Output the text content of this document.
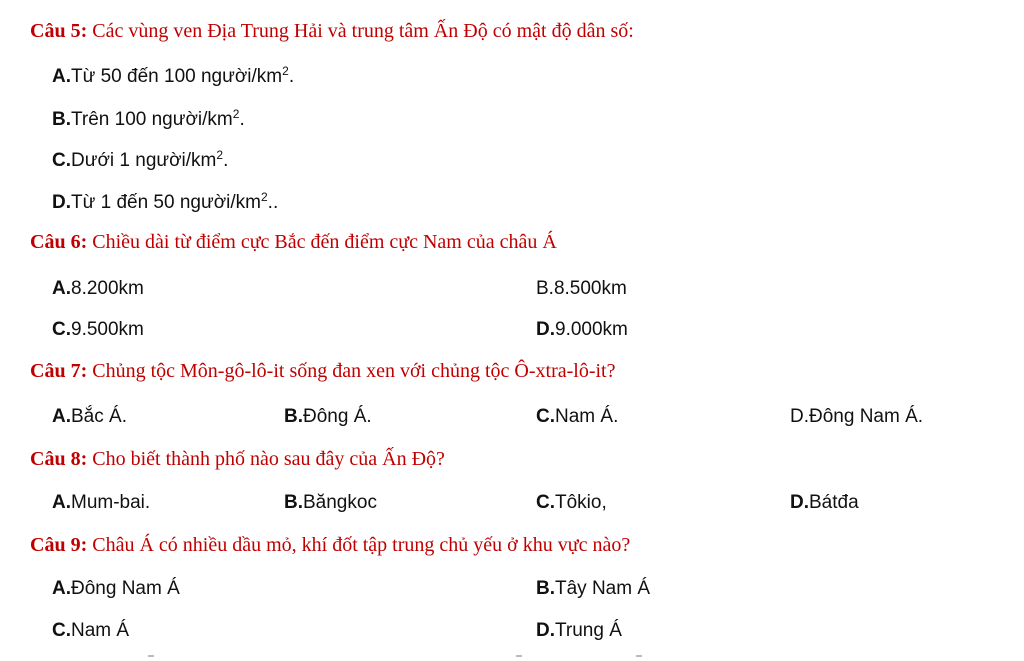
Câu 5: Các vùng ven Địa Trung Hải và trung tâm Ấn Độ có mật độ dân số:
A.Từ 50 đến 100 người/$km^2$.
B.Trên 100 người/$km^2$.
C.Dưới 1 người/$km^2$.
D.Từ 1 đến 50 người/$km^2$..
Câu 6: Chiều dài từ điểm cực Bắc đến điểm cực Nam của châu Á
A.8.200km	B.8.500km
C.9.500km	D.9.000km
Câu 7: Chủng tộc Môn-gô-lô-it sống đan xen với chủng tộc Ô-xtra-lô-it?
A.Bắc Á.	B.Đông Á.	C.Nam Á.	D.Đông Nam Á.
Câu 8: Cho biết thành phố nào sau đây của Ấn Độ?
A.Mum-bai.	B.Băngkoc	C.Tôkio,	D.Bátđa
Câu 9: Châu Á có nhiều dầu mỏ, khí đốt tập trung chủ yếu ở khu vực nào?
A.Đông Nam Á	B.Tây Nam Á
C.Nam Á	D.Trung Á
